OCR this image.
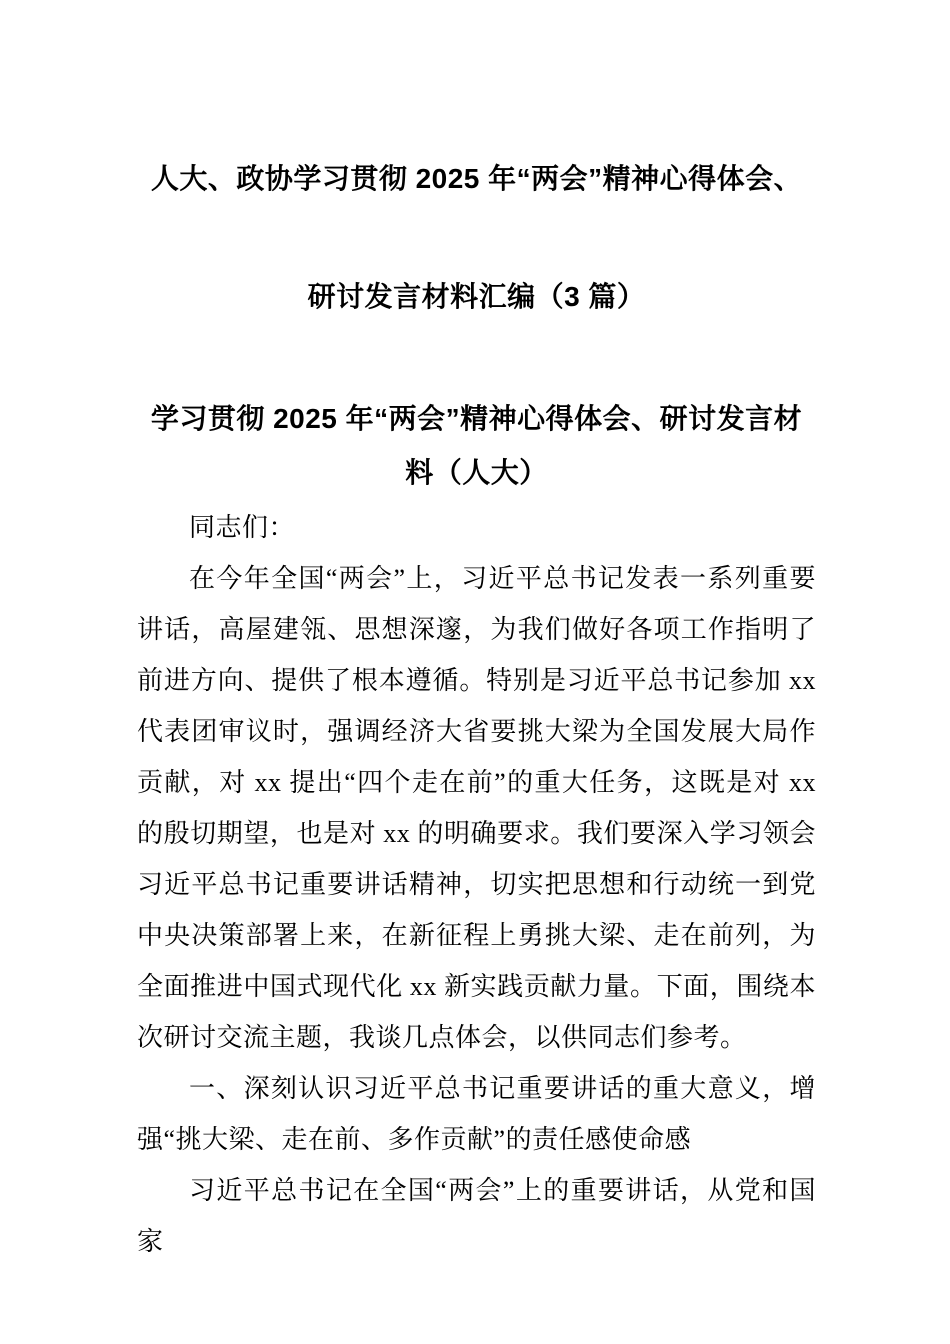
人大、政协学习贯彻 2025 年“两会”精神心得体会、研讨发言材料汇编（3 篇）
学习贯彻 2025 年“两会”精神心得体会、研讨发言材料（人大）

同志们：

在今年全国“两会”上，习近平总书记发表一系列重要讲话，高屋建瓴、思想深邃，为我们做好各项工作指明了前进方向、提供了根本遵循。特别是习近平总书记参加 xx 代表团审议时，强调经济大省要挑大梁为全国发展大局作贡献，对 xx 提出“四个走在前”的重大任务，这既是对 xx 的殷切期望，也是对 xx 的明确要求。我们要深入学习领会习近平总书记重要讲话精神，切实把思想和行动统一到党中央决策部署上来，在新征程上勇挑大梁、走在前列，为全面推进中国式现代化 xx 新实践贡献力量。下面，围绕本次研讨交流主题，我谈几点体会，以供同志们参考。

一、深刻认识习近平总书记重要讲话的重大意义，增强“挑大梁、走在前、多作贡献”的责任感使命感

习近平总书记在全国“两会”上的重要讲话，从党和国家
